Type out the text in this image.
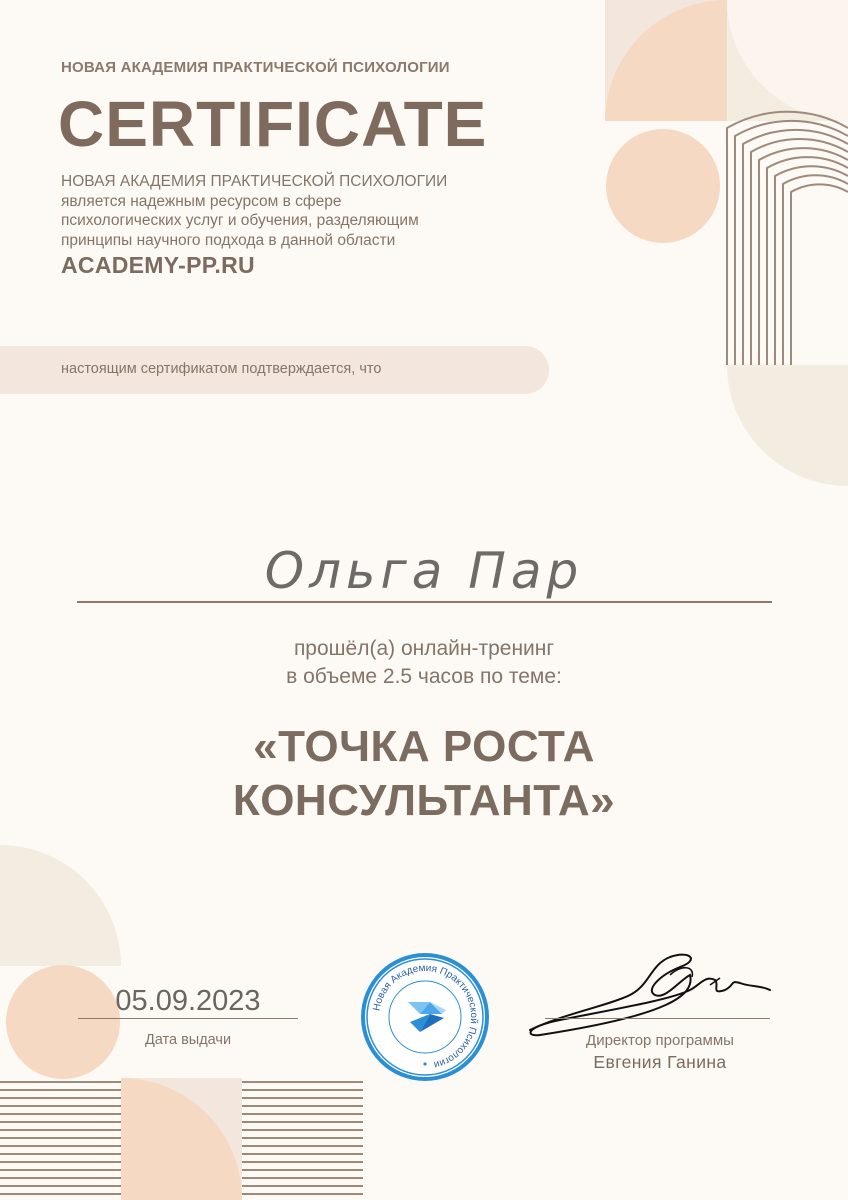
НОВАЯ АКАДЕМИЯ ПРАКТИЧЕСКОЙ ПСИХОЛОГИИ
CERTIFICATE
НОВАЯ АКАДЕМИЯ ПРАКТИЧЕСКОЙ ПСИХОЛОГИИ
является надежным ресурсом в сфере
психологических услуг и обучения, разделяющим
принципы научного подхода в данной области
ACADEMY-PP.RU
настоящим сертификатом подтверждается, что
Ольга Пар
прошёл(а) онлайн-тренинг
в объеме 2.5 часов по теме:
«ТОЧКА РОСТА
КОНСУЛЬТАНТА»
05.09.2023
Дата выдачи
Новая Академия Практической Психологии
Директор программы
Евгения Ганина
